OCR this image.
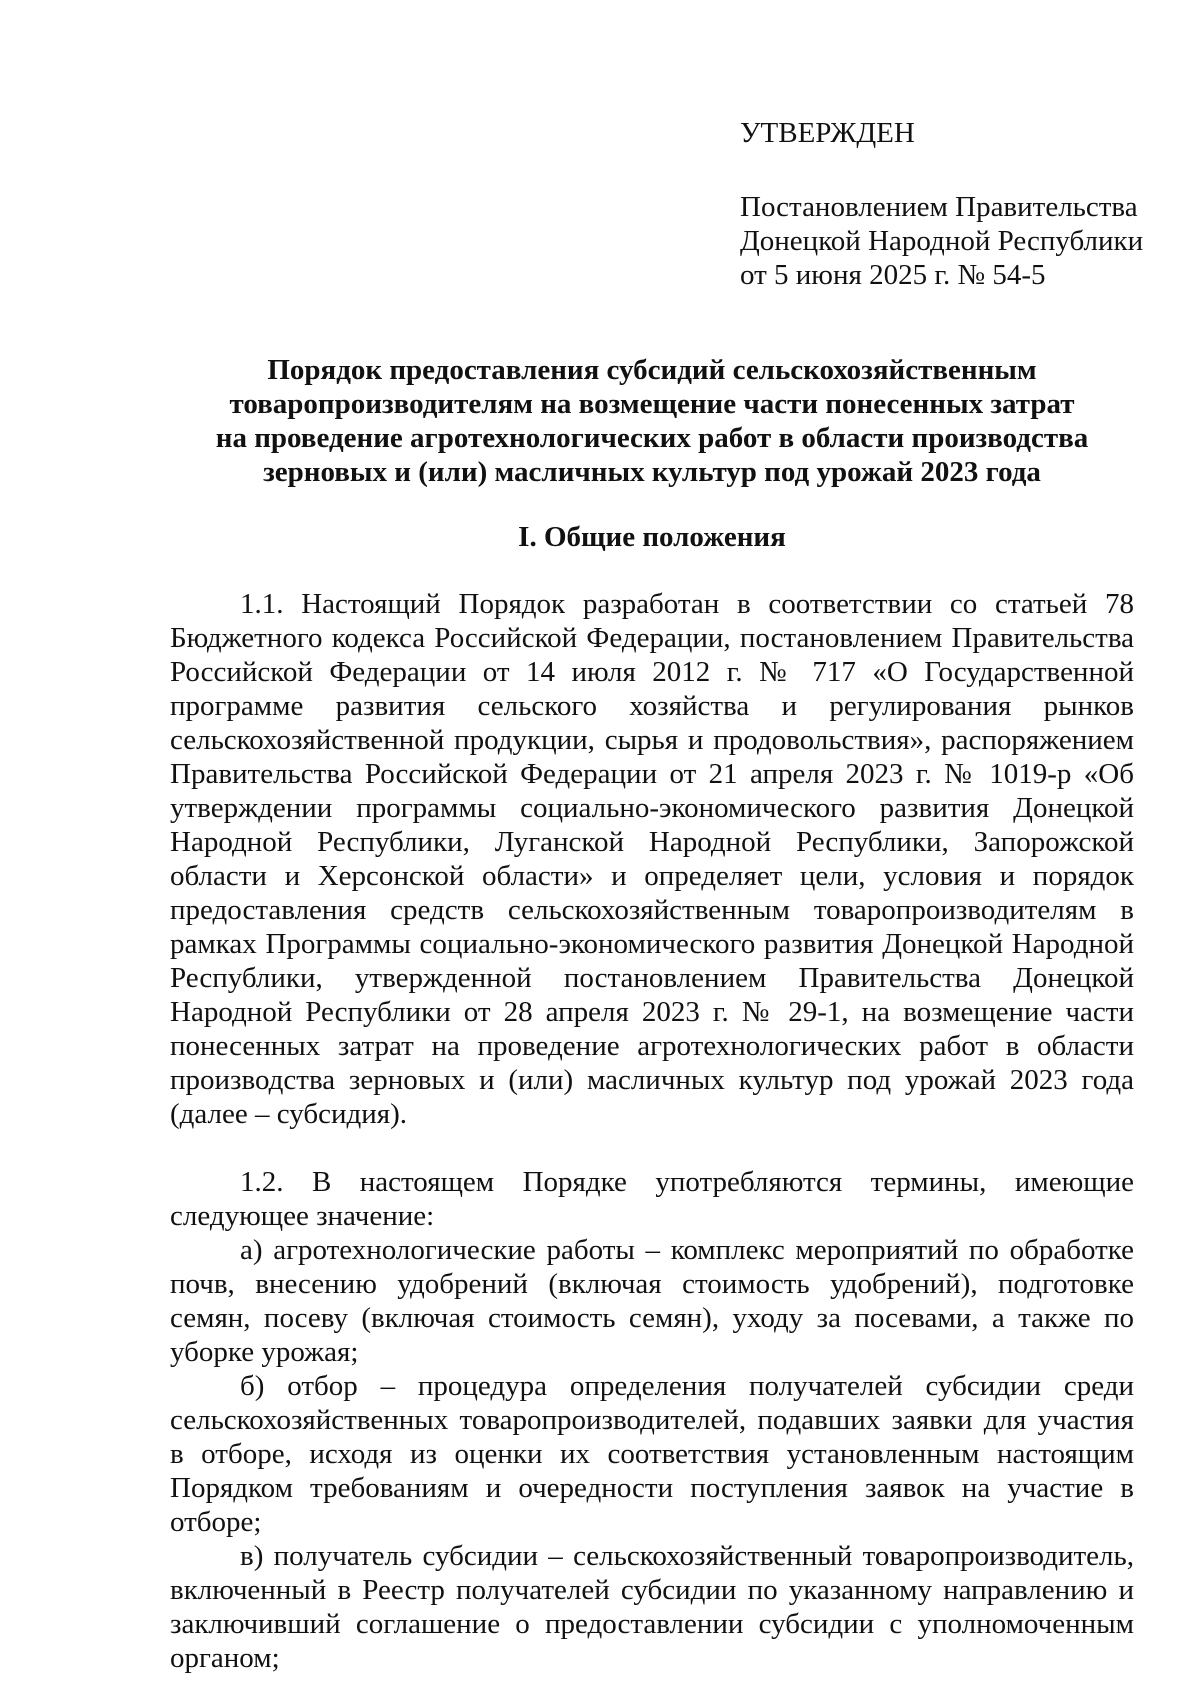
УТВЕРЖДЕН
Постановлением Правительства
Донецкой Народной Республики
от 5 июня 2025 г. № 54-5
Порядок предоставления субсидий сельскохозяйственным
товаропроизводителям на возмещение части понесенных затрат
на проведение агротехнологических работ в области производства
зерновых и (или) масличных культур под урожай 2023 года
I. Общие положения

1.1. Настоящий Порядок разработан в соответствии со статьей 78 Бюджетного кодекса Российской Федерации, постановлением Правительства Российской Федерации от 14 июля 2012 г. № 717 «О Государственной программе развития сельского хозяйства и регулирования рынков сельскохозяйственной продукции, сырья и продовольствия», распоряжением Правительства Российской Федерации от 21 апреля 2023 г. № 1019-р «Об утверждении программы социально-экономического развития Донецкой Народной Республики, Луганской Народной Республики, Запорожской области и Херсонской области» и определяет цели, условия и порядок предоставления средств сельскохозяйственным товаропроизводителям в рамках Программы социально-экономического развития Донецкой Народной Республики, утвержденной постановлением Правительства Донецкой Народной Республики от 28 апреля 2023 г. № 29-1, на возмещение части понесенных затрат на проведение агротехнологических работ в области производства зерновых и (или) масличных культур под урожай 2023 года (далее – субсидия).

1.2. В настоящем Порядке употребляются термины, имеющие следующее значение:

а) агротехнологические работы – комплекс мероприятий по обработке почв, внесению удобрений (включая стоимость удобрений), подготовке семян, посеву (включая стоимость семян), уходу за посевами, а также по уборке урожая;

б) отбор – процедура определения получателей субсидии среди сельскохозяйственных товаропроизводителей, подавших заявки для участия в отборе, исходя из оценки их соответствия установленным настоящим Порядком требованиям и очередности поступления заявок на участие в отборе;

в) получатель субсидии – сельскохозяйственный товаропроизводитель, включенный в Реестр получателей субсидии по указанному направлению и заключивший соглашение о предоставлении субсидии с уполномоченным органом;
